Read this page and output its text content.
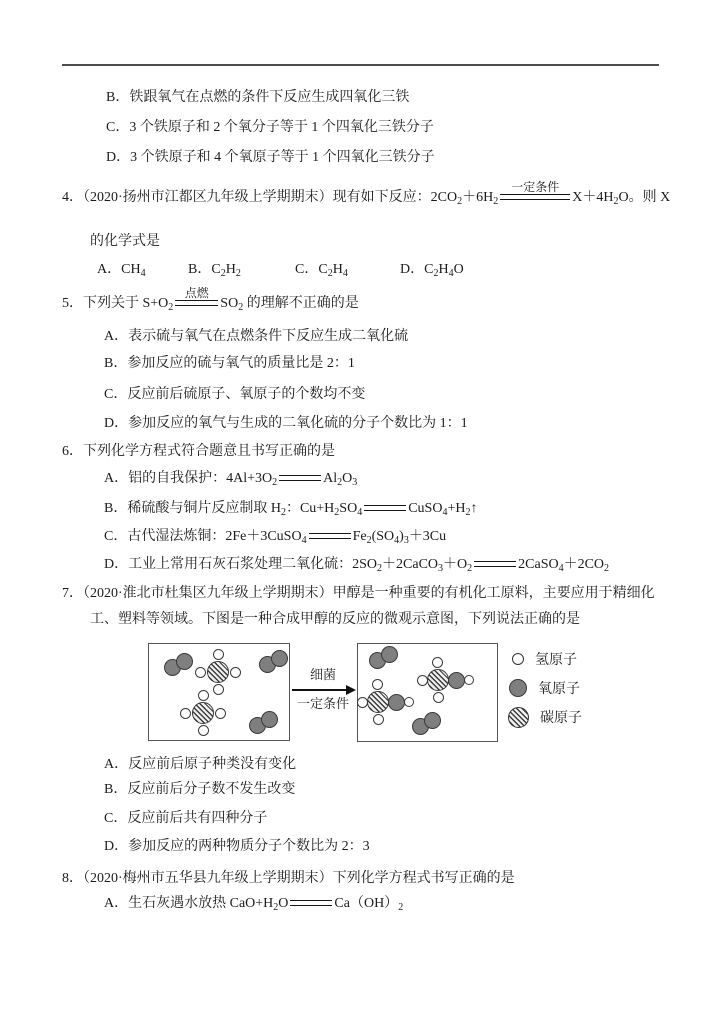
B．铁跟氧气在点燃的条件下反应生成四氧化三铁
C．3 个铁原子和 2 个氧分子等于 1 个四氧化三铁分子
D．3 个铁原子和 4 个氧原子等于 1 个四氧化三铁分子
4．（2020·扬州市江都区九年级上学期期末）现有如下反应：$2CO_2+6H_2$
一定条件
$X+4H_2O$。则 X
的化学式是
A．$CH_4$	B．$C_2H_2$	C．$C_2H_4$	D．$C_2H_4O$
5．下列关于 $S+O_2$
点燃
$SO_2$ 的理解不正确的是
A．表示硫与氧气在点燃条件下反应生成二氧化硫
B．参加反应的硫与氧气的质量比是 2：1
C．反应前后硫原子、氧原子的个数均不变
D．参加反应的氧气与生成的二氧化硫的分子个数比为 1：1
6．下列化学方程式符合题意且书写正确的是
A．铝的自我保护：$4Al+3O_2$	$Al_2O_3$
B．稀硫酸与铜片反应制取 $H_2$：$Cu+H_2SO_4$	$CuSO_4+H_2↑$
C．古代湿法炼铜：2Fe＋3CuSO$_4$	$Fe_2(SO_4)_3+3Cu$
D．工业上常用石灰石浆处理二氧化硫：$2SO_2+2CaCO_3+O_2$	$2CaSO_4+2CO_2$
7．（2020·淮北市杜集区九年级上学期期末）甲醇是一种重要的有机化工原料，主要应用于精细化
工、塑料等领域。下图是一种合成甲醇的反应的微观示意图，下列说法正确的是
细菌
一定条件
氢原子
氧原子
碳原子
A．反应前后原子种类没有变化
B．反应前后分子数不发生改变
C．反应前后共有四种分子
D．参加反应的两种物质分子个数比为 2：3
8．（2020·梅州市五华县九年级上学期期末）下列化学方程式书写正确的是
A．生石灰遇水放热 $CaO+H_2O$	$Ca(OH)_2$
